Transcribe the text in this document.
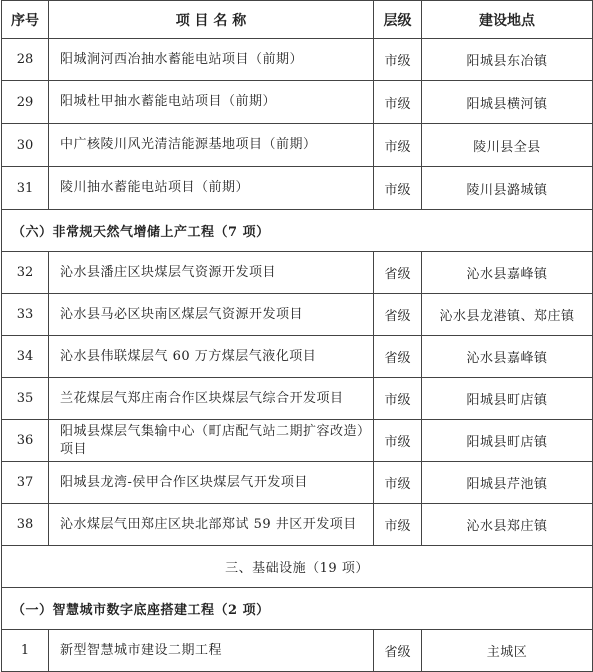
序号	项 目 名 称	层级	建设地点
28	阳城涧河西冶抽水蓄能电站项目（前期）	市级	阳城县东冶镇
29	阳城杜甲抽水蓄能电站项目（前期）	市级	阳城县横河镇
30	中广核陵川风光清洁能源基地项目（前期）	市级	陵川县全县
31	陵川抽水蓄能电站项目（前期）	市级	陵川县潞城镇
（六）非常规天然气增储上产工程（7 项）			
32	沁水县潘庄区块煤层气资源开发项目	省级	沁水县嘉峰镇
33	沁水县马必区块南区煤层气资源开发项目	省级	沁水县龙港镇、郑庄镇
34	沁水县伟联煤层气 60 万方煤层气液化项目	省级	沁水县嘉峰镇
35	兰花煤层气郑庄南合作区块煤层气综合开发项目	市级	阳城县町店镇
36	阳城县煤层气集输中心（町店配气站二期扩容改造）项目	市级	阳城县町店镇
37	阳城县龙湾-侯甲合作区块煤层气开发项目	市级	阳城县芹池镇
38	沁水煤层气田郑庄区块北部郑试 59 井区开发项目	市级	沁水县郑庄镇
三、基础设施（19 项）			
（一）智慧城市数字底座搭建工程（2 项）			
1	新型智慧城市建设二期工程	省级	主城区
